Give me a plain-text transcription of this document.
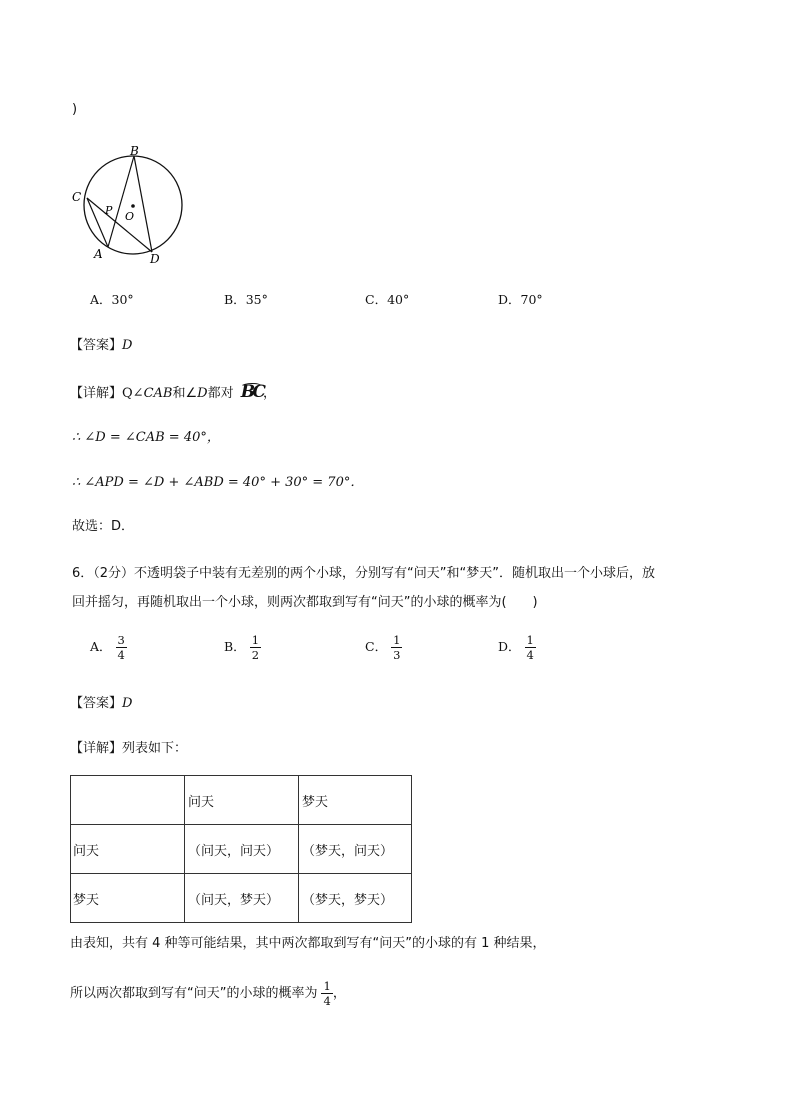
)
B
C
P O
A	D
A．30°	B．35°	C．40°	D．70°
【答案】D
【详解】Q∠CAB和∠D都对 BC，
∴ ∠D = ∠CAB = 40°，
∴ ∠APD = ∠D + ∠ABD = 40° + 30° = 70°．
故选：D．
6．（2分）不透明袋子中装有无差别的两个小球，分别写有“问天”和“梦天”．随机取出一个小球后，放
回并摇匀，再随机取出一个小球，则两次都取到写有“问天”的小球的概率为(　　)
A． $\frac{3}{4}$	B． $\frac{1}{2}$	C． $\frac{1}{3}$	D． $\frac{1}{4}$
【答案】D
【详解】列表如下：
	问天	梦天
问天	（问天，问天）	（梦天，问天）
梦天	（问天，梦天）	（梦天，梦天）
由表知，共有 4 种等可能结果，其中两次都取到写有“问天”的小球的有 1 种结果，
所以两次都取到写有“问天”的小球的概率为 $\frac{1}{4}$ ，
